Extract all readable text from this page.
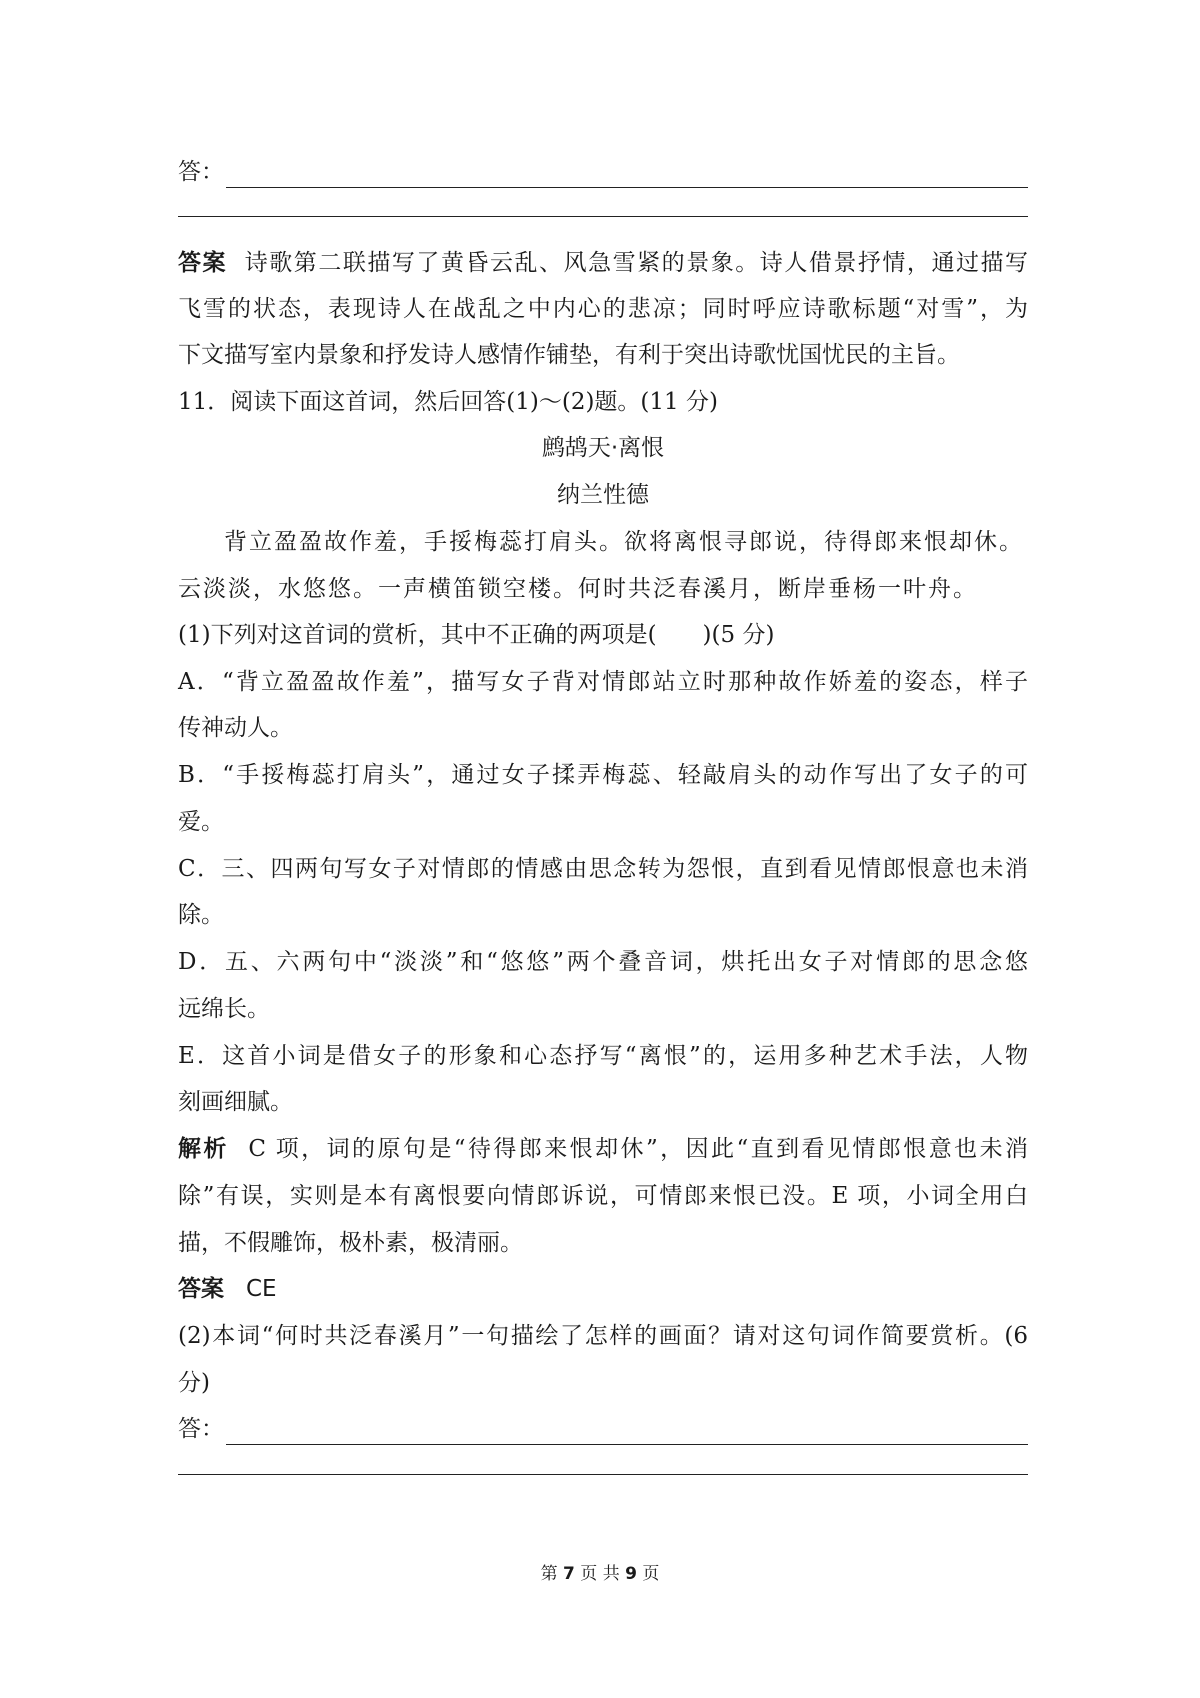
答：
答案 诗歌第二联描写了黄昏云乱、风急雪紧的景象。诗人借景抒情，通过描写
飞雪的状态，表现诗人在战乱之中内心的悲凉；同时呼应诗歌标题“对雪”，为
下文描写室内景象和抒发诗人感情作铺垫，有利于突出诗歌忧国忧民的主旨。
11．阅读下面这首词，然后回答(1)～(2)题。(11 分)
鹧鸪天·离恨
纳兰性德
背立盈盈故作羞，手挼梅蕊打肩头。欲将离恨寻郎说，待得郎来恨却休。
云淡淡，水悠悠。一声横笛锁空楼。何时共泛春溪月，断岸垂杨一叶舟。
(1)下列对这首词的赏析，其中不正确的两项是(　　)(5 分)
A．“背立盈盈故作羞”，描写女子背对情郎站立时那种故作娇羞的姿态，样子
传神动人。
B．“手挼梅蕊打肩头”，通过女子揉弄梅蕊、轻敲肩头的动作写出了女子的可
爱。
C．三、四两句写女子对情郎的情感由思念转为怨恨，直到看见情郎恨意也未消
除。
D．五、六两句中“淡淡”和“悠悠”两个叠音词，烘托出女子对情郎的思念悠
远绵长。
E．这首小词是借女子的形象和心态抒写“离恨”的，运用多种艺术手法，人物
刻画细腻。
解析 C 项，词的原句是“待得郎来恨却休”，因此“直到看见情郎恨意也未消
除”有误，实则是本有离恨要向情郎诉说，可情郎来恨已没。E 项，小词全用白
描，不假雕饰，极朴素，极清丽。
答案 CE
(2)本词“何时共泛春溪月”一句描绘了怎样的画面？请对这句词作简要赏析。(6
分)
答：
第 7 页 共 9 页
